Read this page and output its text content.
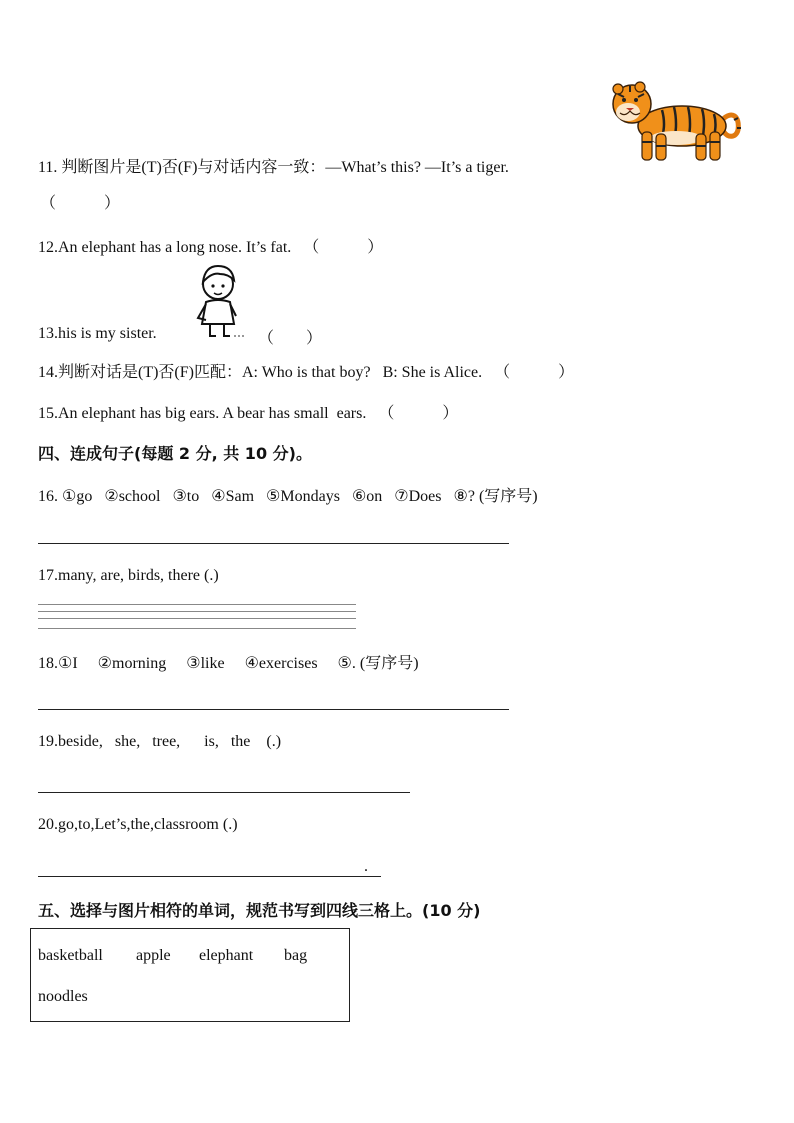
11. 判断图片是(T)否(F)与对话内容一致：—What’s this? —It’s a tiger.
（　　　）
12.An elephant has a long nose. It’s fat. （　　　）
13.his is my sister.	（　　）
14.判断对话是(T)否(F)匹配：A: Who is that boy?   B: She is Alice. （　　　）
15.An elephant has big ears. A bear has small  ears. （　　　）
四、连成句子(每题 2 分, 共 10 分)。
16. ①go   ②school   ③to   ④Sam   ⑤Mondays   ⑥on   ⑦Does   ⑧? (写序号)
17.many, are, birds, there (.)
18.①I     ②morning     ③like     ④exercises     ⑤. (写序号)
19.beside,   she,   tree,      is,   the    (.)
20.go,to,Let’s,the,classroom (.)
.
五、选择与图片相符的单词，规范书写到四线三格上。(10 分)
basketball apple elephant bag
noodles
